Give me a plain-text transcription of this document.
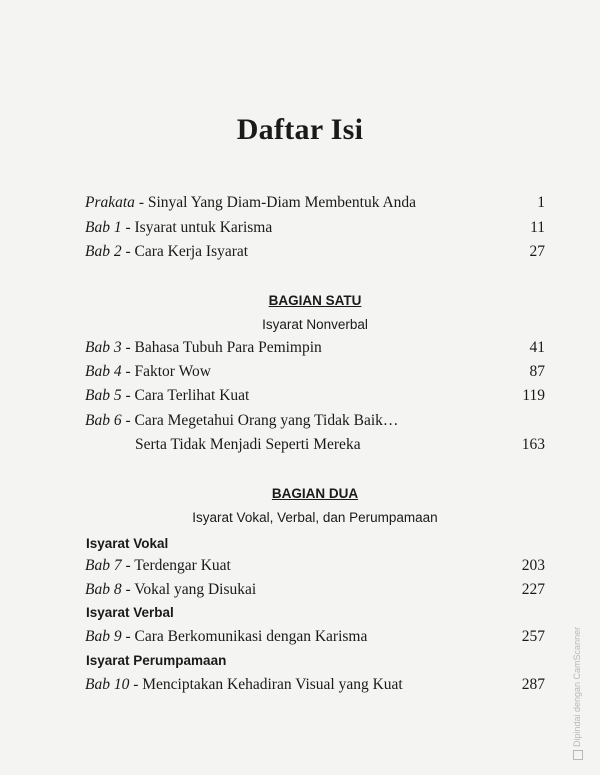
Daftar Isi
Prakata - Sinyal Yang Diam-Diam Membentuk Anda	1
Bab 1 - Isyarat untuk Karisma	11
Bab 2 - Cara Kerja Isyarat	27
BAGIAN SATU
Isyarat Nonverbal
Bab 3 - Bahasa Tubuh Para Pemimpin	41
Bab 4 - Faktor Wow	87
Bab 5 - Cara Terlihat Kuat	119
Bab 6 - Cara Megetahui Orang yang Tidak Baik…
Serta Tidak Menjadi Seperti Mereka	163
BAGIAN DUA
Isyarat Vokal, Verbal, dan Perumpamaan
Isyarat Vokal
Bab 7 - Terdengar Kuat	203
Bab 8 - Vokal yang Disukai	227
Isyarat Verbal
Bab 9 - Cara Berkomunikasi dengan Karisma	257
Isyarat Perumpamaan
Bab 10 - Menciptakan Kehadiran Visual yang Kuat	287	Dipindai dengan CamScanner
